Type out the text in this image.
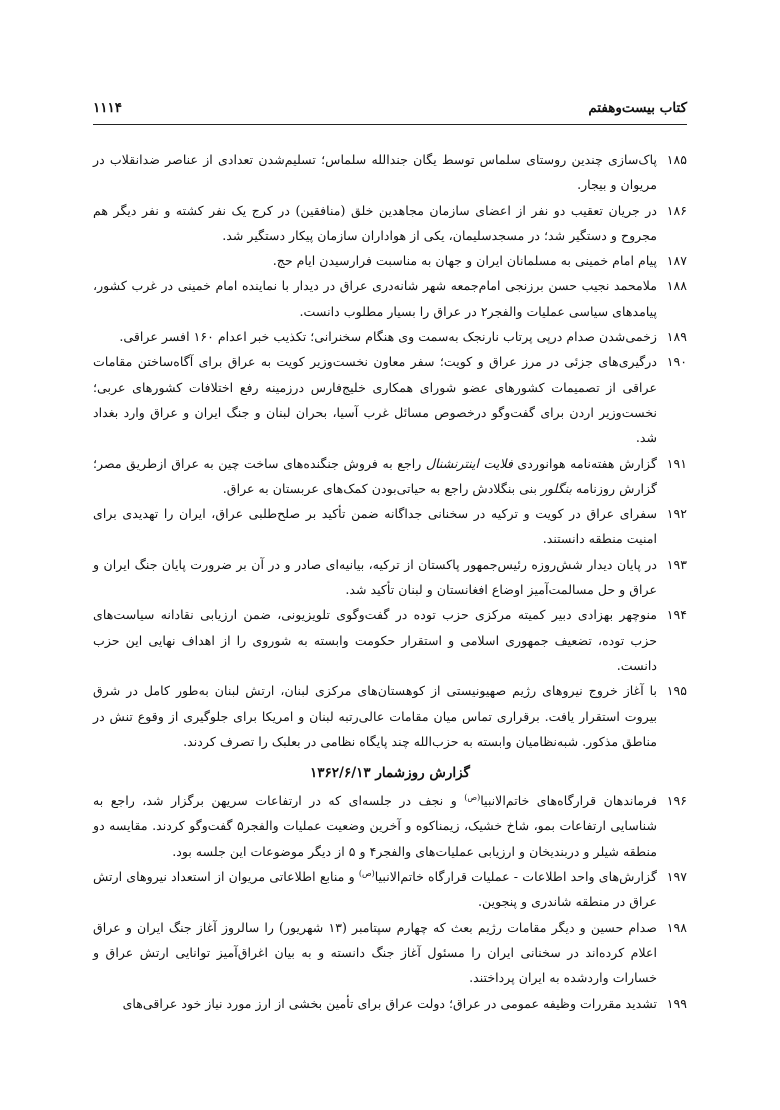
کتاب بیست‌وهفتم
۱۱۱۴
۱۸۵
پاک‌سازی چندین روستای سلماس توسط یگان جندالله سلماس؛ تسلیم‌شدن تعدادی از عناصر ضدانقلاب در مریوان و بیجار.
۱۸۶
در جریان تعقیب دو نفر از اعضای سازمان مجاهدین خلق (منافقین) در کرج یک نفر کشته و نفر دیگر هم مجروح و دستگیر شد؛ در مسجدسلیمان، یکی از هواداران سازمان پیکار دستگیر شد.
۱۸۷
پیام امام خمینی به مسلمانان ایران و جهان به مناسبت فرارسیدن ایام حج.
۱۸۸
ملامحمد نجیب حسن برزنجی امام‌جمعه شهر شانه‌دری عراق در دیدار با نماینده امام خمینی در غرب کشور، پیامدهای سیاسی عملیات والفجر۲ در عراق را بسیار مطلوب دانست.
۱۸۹
زخمی‌شدن صدام درپی پرتاب نارنجک به‌سمت وی هنگام سخنرانی؛ تکذیب خبر اعدام ۱۶۰ افسر عراقی.
۱۹۰
درگیری‌های جزئی در مرز عراق و کویت؛ سفر معاون نخست‌وزیر کویت به عراق برای آگاه‌ساختن مقامات عراقی از تصمیمات کشورهای عضو شورای همکاری خلیج‌فارس درزمینه رفع اختلافات کشورهای عربی؛ نخست‌وزیر اردن برای گفت‌وگو درخصوص مسائل غرب آسیا، بحران لبنان و جنگ ایران و عراق وارد بغداد شد.
۱۹۱
گزارش هفته‌نامه هوانوردی فلایت اینترنشنال راجع به فروش جنگنده‌های ساخت چین به عراق ازطریق مصر؛ گزارش روزنامه بنگلور بنی بنگلادش راجع به حیاتی‌بودن کمک‌های عربستان به عراق.
۱۹۲
سفرای عراق در کویت و ترکیه در سخنانی جداگانه ضمن تأکید بر صلح‌طلبی عراق، ایران را تهدیدی برای امنیت منطقه دانستند.
۱۹۳
در پایان دیدار شش‌روزه رئیس‌جمهور پاکستان از ترکیه، بیانیه‌ای صادر و در آن بر ضرورت پایان جنگ ایران و عراق و حل مسالمت‌آمیز اوضاع افغانستان و لبنان تأکید شد.
۱۹۴
منوچهر بهزادی دبیر کمیته مرکزی حزب توده در گفت‌وگوی تلویزیونی، ضمن ارزیابی نقادانه سیاست‌های حزب توده، تضعیف جمهوری اسلامی و استقرار حکومت وابسته به شوروی را از اهداف نهایی این حزب دانست.
۱۹۵
با آغاز خروج نیروهای رژیم صهیونیستی از کوهستان‌های مرکزی لبنان، ارتش لبنان به‌طور کامل در شرق بیروت استقرار یافت. برقراری تماس میان مقامات عالی‌رتبه لبنان و امریکا برای جلوگیری از وقوع تنش در مناطق مذکور. شبه‌نظامیان وابسته به حزب‌الله چند پایگاه نظامی در بعلبک را تصرف کردند.
گزارش روزشمار ۱۳۶۲/۶/۱۳
۱۹۶
فرماندهان قرارگاه‌های خاتم‌الانبیا$^{(ص)}$ و نجف در جلسه‌ای که در ارتفاعات سریهن برگزار شد، راجع به شناسایی ارتفاعات بمو، شاخ خشیک، زیمناکوه و آخرین وضعیت عملیات والفجر۵ گفت‌وگو کردند. مقایسه دو منطقه شیلر و دربندیخان و ارزیابی عملیات‌های والفجر۴ و ۵ از دیگر موضوعات این جلسه بود.
۱۹۷
گزارش‌های واحد اطلاعات - عملیات قرارگاه خاتم‌الانبیا$^{(ص)}$ و منابع اطلاعاتی مریوان از استعداد نیروهای ارتش عراق در منطقه شاندری و پنجوین.
۱۹۸
صدام حسین و دیگر مقامات رژیم بعث که چهارم سپتامبر (۱۳ شهریور) را سالروز آغاز جنگ ایران و عراق اعلام کرده‌اند در سخنانی ایران را مسئول آغاز جنگ دانسته و به بیان اغراق‌آمیز توانایی ارتش عراق و خسارات واردشده به ایران پرداختند.
۱۹۹
تشدید مقررات وظیفه عمومی در عراق؛ دولت عراق برای تأمین بخشی از ارز مورد نیاز خود عراقی‌های
